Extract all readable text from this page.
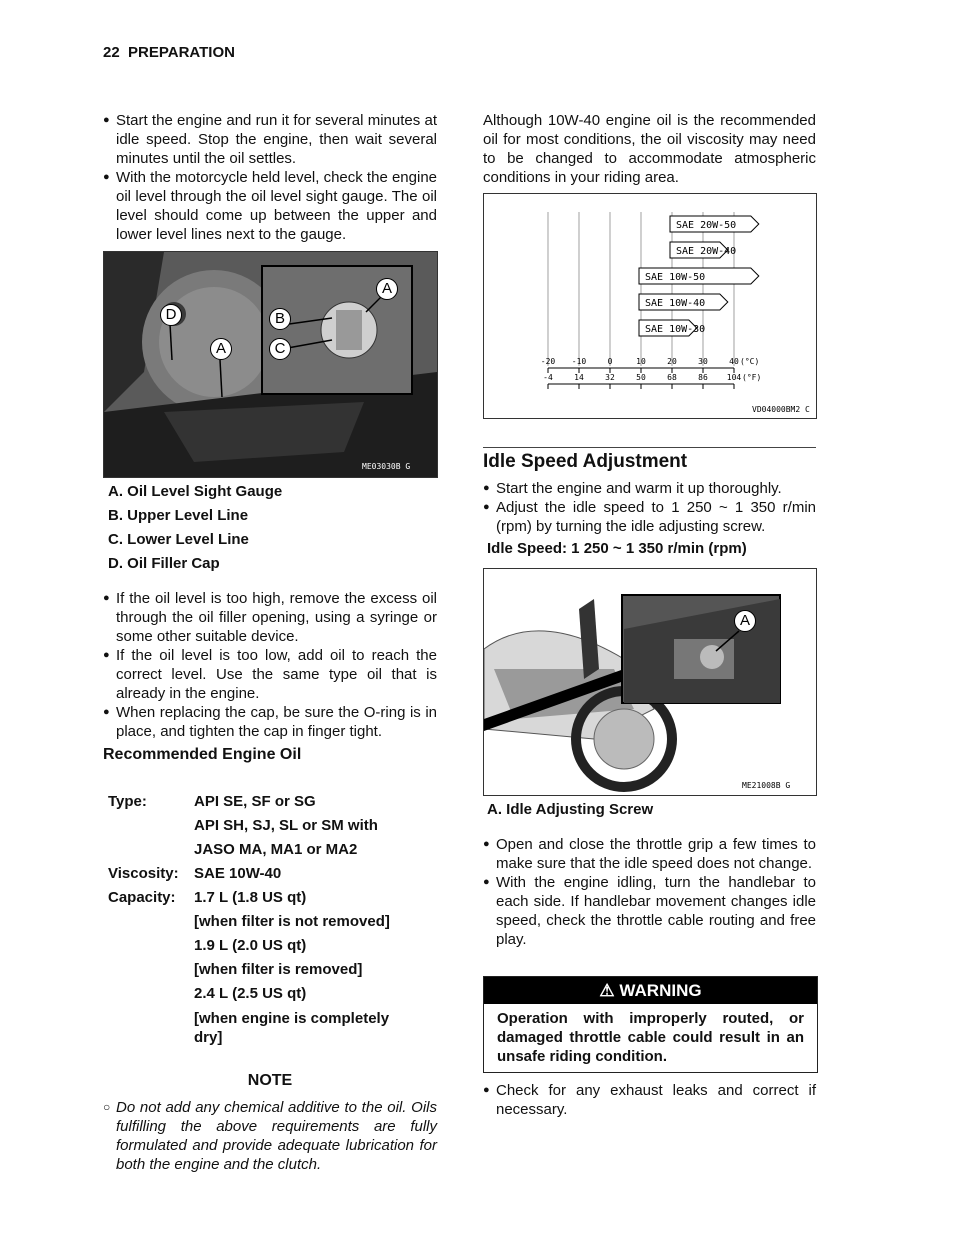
22 PREPARATION
● Start the engine and run it for several minutes at idle speed. Stop the engine, then wait several minutes until the oil settles.
● With the motorcycle held level, check the engine oil level through the oil level sight gauge. The oil level should come up between the upper and lower level lines next to the gauge.
A
B
C
D
A
ME03030B G
A. Oil Level Sight Gauge
B. Upper Level Line
C. Lower Level Line
D. Oil Filler Cap
● If the oil level is too high, remove the excess oil through the oil filler opening, using a syringe or some other suitable device.
● If the oil level is too low, add oil to reach the correct level. Use the same type oil that is already in the engine.
● When replacing the cap, be sure the O-ring is in place, and tighten the cap in finger tight.
Recommended Engine Oil
Type:	API SE, SF or SG
API SH, SJ, SL or SM with
JASO MA, MA1 or MA2
Viscosity:	SAE 10W-40
Capacity:	1.7 L (1.8 US qt)
[when filter is not removed]
1.9 L (2.0 US qt)
[when filter is removed]
2.4 L (2.5 US qt)
[when engine is completely dry]
NOTE
○ Do not add any chemical additive to the oil. Oils fulfilling the above requirements are fully formulated and provide adequate lubrication for both the engine and the clutch.
Although 10W-40 engine oil is the recommended oil for most conditions, the oil viscosity may need to be changed to accommodate atmospheric conditions in your riding area.
SAE 20W-50
SAE 20W-40
SAE 10W-50
SAE 10W-40
SAE 10W-30
-20 -10	0	10	20	30	40
-4	14	32	50	68	86 104
(°C)
(°F)
VD04000BM2 C
Idle Speed Adjustment
● Start the engine and warm it up thoroughly.
● Adjust the idle speed to 1 250 ~ 1 350 r/min (rpm) by turning the idle adjusting screw.
Idle Speed: 1 250 ~ 1 350 r/min (rpm)
A
ME21008B G
A. Idle Adjusting Screw
● Open and close the throttle grip a few times to make sure that the idle speed does not change.
● With the engine idling, turn the handlebar to each side. If handlebar movement changes idle speed, check the throttle cable routing and free play.
⚠ WARNING
Operation with improperly routed, or damaged throttle cable could result in an unsafe riding condition.
● Check for any exhaust leaks and correct if necessary.
